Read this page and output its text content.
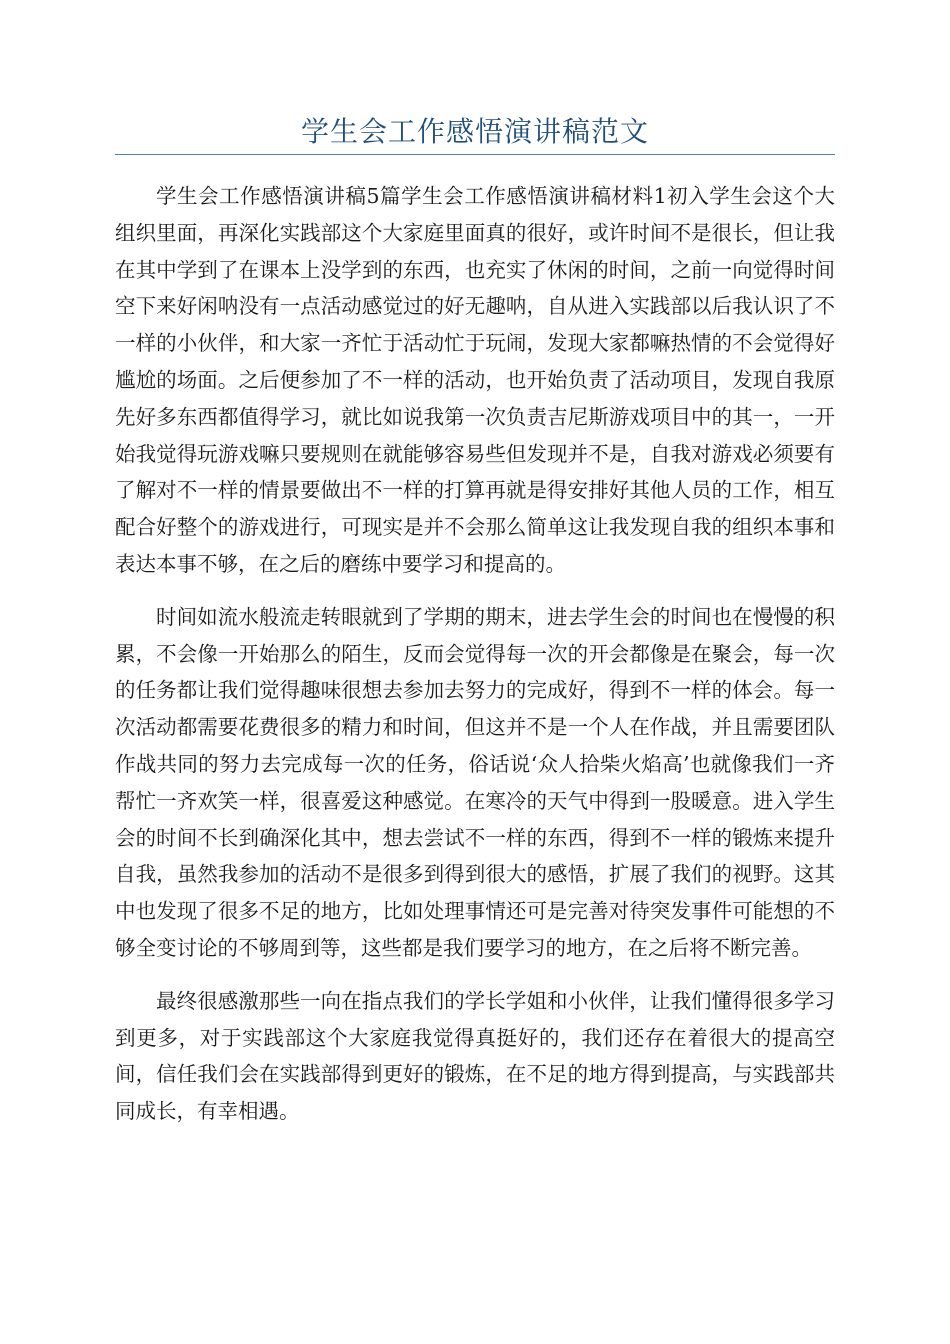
学生会工作感悟演讲稿范文

学生会工作感悟演讲稿5篇学生会工作感悟演讲稿材料1初入学生会这个大组织里面，再深化实践部这个大家庭里面真的很好，或许时间不是很长，但让我在其中学到了在课本上没学到的东西，也充实了休闲的时间，之前一向觉得时间空下来好闲呐没有一点活动感觉过的好无趣呐，自从进入实践部以后我认识了不一样的小伙伴，和大家一齐忙于活动忙于玩闹，发现大家都嘛热情的不会觉得好尴尬的场面。之后便参加了不一样的活动，也开始负责了活动项目，发现自我原先好多东西都值得学习，就比如说我第一次负责吉尼斯游戏项目中的其一，一开始我觉得玩游戏嘛只要规则在就能够容易些但发现并不是，自我对游戏必须要有了解对不一样的情景要做出不一样的打算再就是得安排好其他人员的工作，相互配合好整个的游戏进行，可现实是并不会那么简单这让我发现自我的组织本事和表达本事不够，在之后的磨练中要学习和提高的。

时间如流水般流走转眼就到了学期的期末，进去学生会的时间也在慢慢的积累，不会像一开始那么的陌生，反而会觉得每一次的开会都像是在聚会，每一次的任务都让我们觉得趣味很想去参加去努力的完成好，得到不一样的体会。每一次活动都需要花费很多的精力和时间，但这并不是一个人在作战，并且需要团队作战共同的努力去完成每一次的任务，俗话说‘众人拾柴火焰高’也就像我们一齐帮忙一齐欢笑一样，很喜爱这种感觉。在寒冷的天气中得到一股暖意。进入学生会的时间不长到确深化其中，想去尝试不一样的东西，得到不一样的锻炼来提升自我，虽然我参加的活动不是很多到得到很大的感悟，扩展了我们的视野。这其中也发现了很多不足的地方，比如处理事情还可是完善对待突发事件可能想的不够全变讨论的不够周到等，这些都是我们要学习的地方，在之后将不断完善。

最终很感激那些一向在指点我们的学长学姐和小伙伴，让我们懂得很多学习到更多，对于实践部这个大家庭我觉得真挺好的，我们还存在着很大的提高空间，信任我们会在实践部得到更好的锻炼，在不足的地方得到提高，与实践部共同成长，有幸相遇。
